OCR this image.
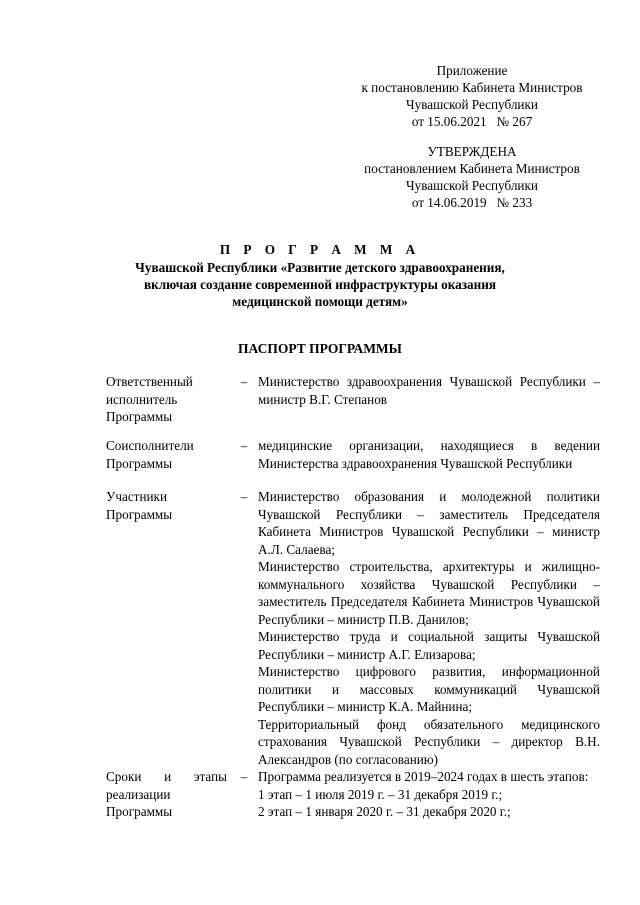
Приложение
к постановлению Кабинета Министров
Чувашской Республики
от 15.06.2021   № 267
УТВЕРЖДЕНА
постановлением Кабинета Министров
Чувашской Республики
от 14.06.2019   № 233
П Р О Г Р А М М А
Чувашской Республики «Развитие детского здравоохранения,
включая создание современной инфраструктуры оказания
медицинской помощи детям»
ПАСПОРТ ПРОГРАММЫ
Ответственный исполнитель Программы
– Министерство здравоохранения Чувашской Республики – министр В.Г. Степанов

Соисполнители Программы
– медицинские организации, находящиеся в ведении Министерства здравоохранения Чувашской Республики

Участники Программы
– Министерство образования и молодежной политики Чувашской Республики – заместитель Председателя Кабинета Министров Чувашской Республики – министр А.Л. Салаева;

Министерство строительства, архитектуры и жилищно-коммунального хозяйства Чувашской Республики – заместитель Председателя Кабинета Министров Чувашской Республики – министр П.В. Данилов;

Министерство труда и социальной защиты Чувашской Республики – министр А.Г. Елизарова;

Министерство цифрового развития, информационной политики и массовых коммуникаций Чувашской Республики – министр К.А. Майнина;

Территориальный фонд обязательного медицинского страхования Чувашской Республики – директор В.Н. Александров (по согласованию)

Сроки и этапы реализации Программы
– Программа реализуется в 2019–2024 годах в шесть этапов:

1 этап – 1 июля 2019 г. – 31 декабря 2019 г.;

2 этап – 1 января 2020 г. – 31 декабря 2020 г.;
